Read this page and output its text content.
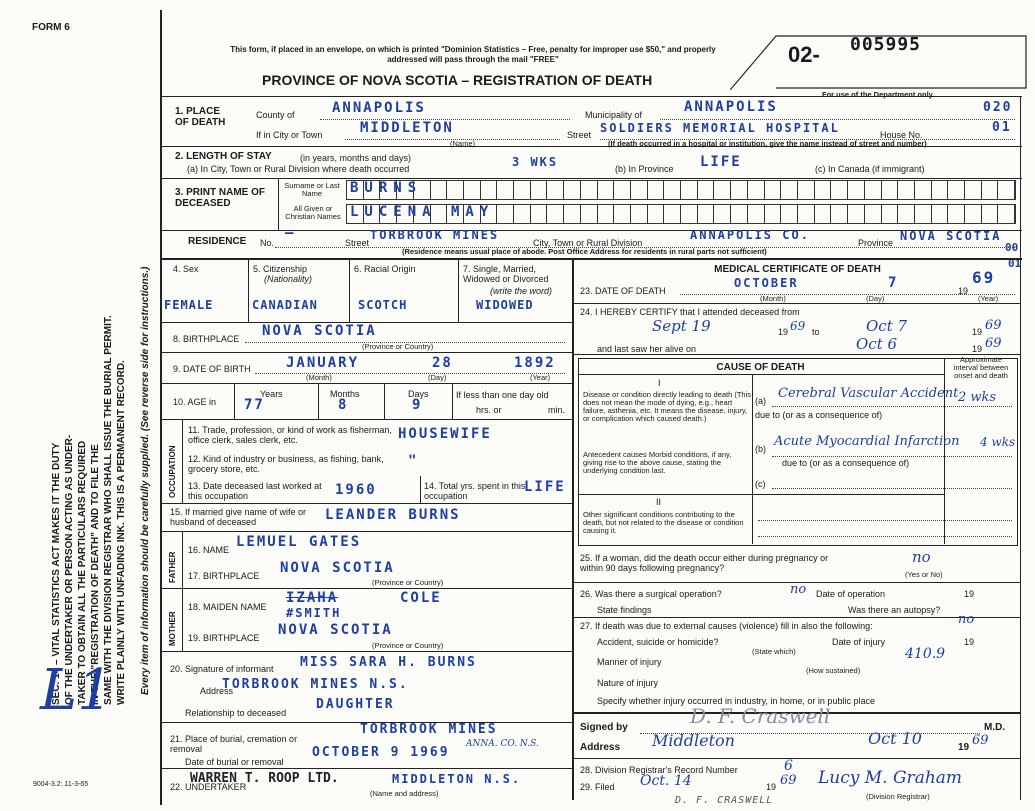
FORM 6
This form, if placed in an envelope, on which is printed "Dominion Statistics – Free, penalty for improper use $50," and properly addressed will pass through the mail "FREE"
PROVINCE OF NOVA SCOTIA – REGISTRATION OF DEATH
02- 005995
For use of the Department only
020
01
00
01
SEC. 14 – VITAL STATISTICS ACT MAKES IT THE DUTY OF THE UNDERTAKER OR PERSON ACTING AS UNDER- TAKER TO OBTAIN ALL THE PARTICULARS REQUIRED IN THE "REGISTRATION OF DEATH" AND TO FILE THE SAME WITH THE DIVISION REGISTRAR WHO SHALL ISSUE THE BURIAL PERMIT. WRITE PLAINLY WITH UNFADING INK. THIS IS A PERMANENT RECORD. Every item of information should be carefully supplied. (See reverse side for instructions.)
L1
9004-3.2: 11-3-65
1. PLACE OF DEATH
County of	ANNAPOLIS	Municipality of	ANNAPOLIS
If in City or Town	MIDDLETON
(Name)
Street SOLDIERS MEMORIAL HOSPITAL	House No.
(If death occurred in a hospital or institution, give the name instead of street and number)
2. LENGTH OF STAY	(in years, months and days)
(a) In City, Town or Rural Division where death occurred	3 WKS	(b) In Province LIFE	(c) In Canada (if immigrant)
3. PRINT NAME OF DECEASED
Surname or Last Name
All Given or Christian Names
BURNS
LUCENA MAY
RESIDENCE No.
—
Street
TORBROOK MINES
City, Town or Rural Division
ANNAPOLIS CO.
Province NOVA SCOTIA
(Residence means usual place of abode. Post Office Address for residents in rural parts not sufficient)
4. Sex	5. Citizenship
(Nationality)
6. Racial Origin	7. Single, Married, Widowed or Divorced
(write the word)
FEMALE	CANADIAN	SCOTCH	WIDOWED
8. BIRTHPLACE NOVA SCOTIA
(Province or Country)
9. DATE OF BIRTH	JANUARY	28	1892
(Month)	(Day)	(Year)
10. AGE in
Years	Months	Days
77	8	9
If less than one day old
hrs. or	min.
OCCUPATION
11. Trade, profession, or kind of work as fisherman, office clerk, sales clerk, etc.	HOUSEWIFE
12. Kind of industry or business, as fishing, bank, grocery store, etc.	"
13. Date deceased last worked at this occupation	1960	14. Total yrs. spent in this occupation
LIFE
15. If married give name of wife or husband of deceased	LEANDER BURNS
FATHER
16. NAME LEMUEL GATES
17. BIRTHPLACE NOVA SCOTIA
(Province or Country)
MOTHER
18. MAIDEN NAME
IZAHA	COLE
#SMITH
19. BIRTHPLACE NOVA SCOTIA
(Province or Country)
20. Signature of informant MISS SARA H. BURNS
Address
TORBROOK MINES N.S.
Relationship to deceased
DAUGHTER
21. Place of burial, cremation or removal
TORBROOK MINES
ANNA. CO. N.S.
Date of burial or removal
OCTOBER 9 1969
22. UNDERTAKER
WARREN T. ROOP LTD.	MIDDLETON N.S.
(Name and address)
MEDICAL CERTIFICATE OF DEATH
23. DATE OF DEATH
OCTOBER	7	19
69
(Month)	(Day)	(Year)
24. I HEREBY CERTIFY that I attended deceased from
Sept 19	19 69 to	Oct 7	19 69
and last saw her alive on	Oct 6	19 69
CAUSE OF DEATH
Approximate interval between onset and death
I
Disease or condition directly leading to death (This does not mean the mode of dying, e.g., heart failure, asthenia, etc. It means the disease, injury, or complication which caused death.)
(a) Cerebral Vascular Accident 2 wks
due to (or as a consequence of)
Antecedent causes Morbid conditions, if any, giving rise to the above cause, stating the underlying condition last.
(b) Acute Myocardial Infarction 4 wks
due to (or as a consequence of)
(c)
II
Other significant conditions contributing to the death, but not related to the disease or condition causing it.
25. If a woman, did the death occur either during pregnancy or within 90 days following pregnancy?
no
(Yes or No)
26. Was there a surgical operation?	no Date of operation	19
State findings	Was there an autopsy?
27. If death was due to external causes (violence) fill in also the following:	no
Accident, suicide or homicide?	Date of injury	19
(State which)	410.9
Manner of injury
(How sustained)
Nature of injury
Specify whether injury occurred in industry, in home, or in public place
Signed by	D. F. Craswell	M.D.
Address Middleton	Oct 10	19 69
28. Division Registrar's Record Number	6
29. Filed Oct. 14	19 69 Lucy M. Graham
(Division Registrar)
D. F. CRASWELL
